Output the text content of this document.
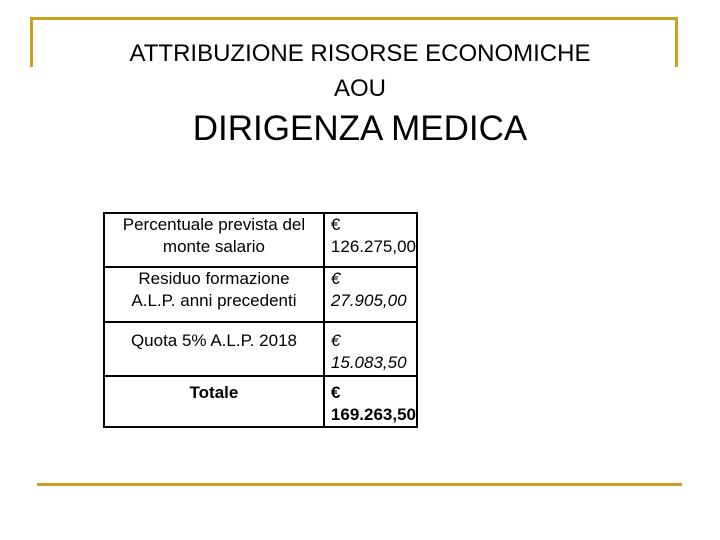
ATTRIBUZIONE RISORSE ECONOMICHE
AOU
DIRIGENZA MEDICA
Percentuale prevista del
monte salario	€ 126.275,00

Residuo formazione
A.L.P. anni precedenti	€ 27.905,00

Quota 5% A.L.P. 2018	€ 15.083,50

Totale	€ 169.263,50
